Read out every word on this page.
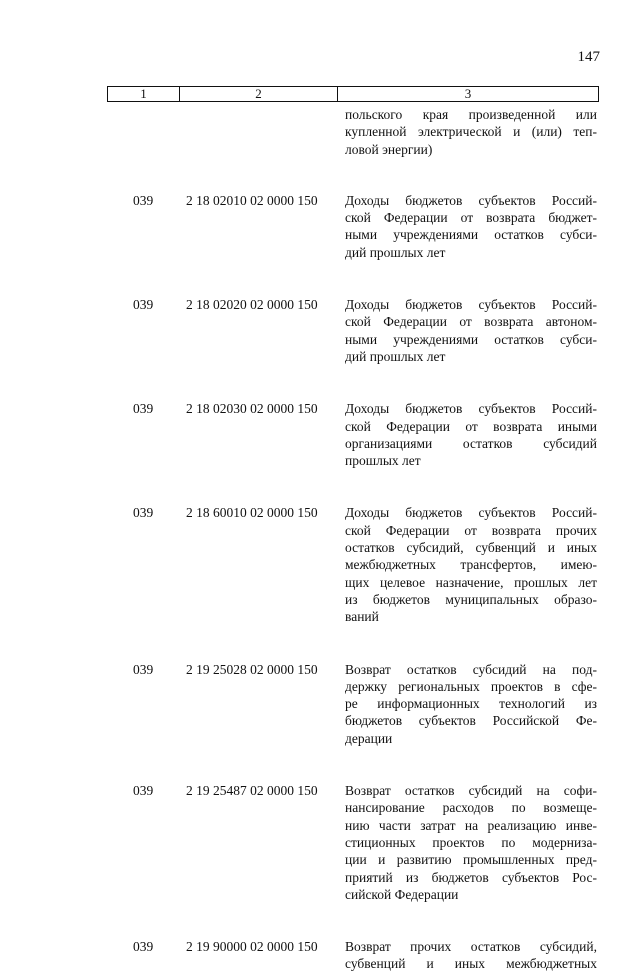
147
1	2	3
польского края произведенной или
купленной электрической и (или) теп-
ловой энергии)
039 2 18 02010 02 0000 150 Доходы бюджетов субъектов Россий-
ской Федерации от возврата бюджет-
ными учреждениями остатков субси-
дий прошлых лет
039 2 18 02020 02 0000 150 Доходы бюджетов субъектов Россий-
ской Федерации от возврата автоном-
ными учреждениями остатков субси-
дий прошлых лет
039 2 18 02030 02 0000 150 Доходы бюджетов субъектов Россий-
ской Федерации от возврата иными
организациями остатков субсидий
прошлых лет
039 2 18 60010 02 0000 150 Доходы бюджетов субъектов Россий-
ской Федерации от возврата прочих
остатков субсидий, субвенций и иных
межбюджетных трансфертов, имею-
щих целевое назначение, прошлых лет
из бюджетов муниципальных образо-
ваний
039 2 19 25028 02 0000 150 Возврат остатков субсидий на под-
держку региональных проектов в сфе-
ре информационных технологий из
бюджетов субъектов Российской Фе-
дерации
039 2 19 25487 02 0000 150 Возврат остатков субсидий на софи-
нансирование расходов по возмеще-
нию части затрат на реализацию инве-
стиционных проектов по модерниза-
ции и развитию промышленных пред-
приятий из бюджетов субъектов Рос-
сийской Федерации
039 2 19 90000 02 0000 150 Возврат прочих остатков субсидий,
субвенций и иных межбюджетных
